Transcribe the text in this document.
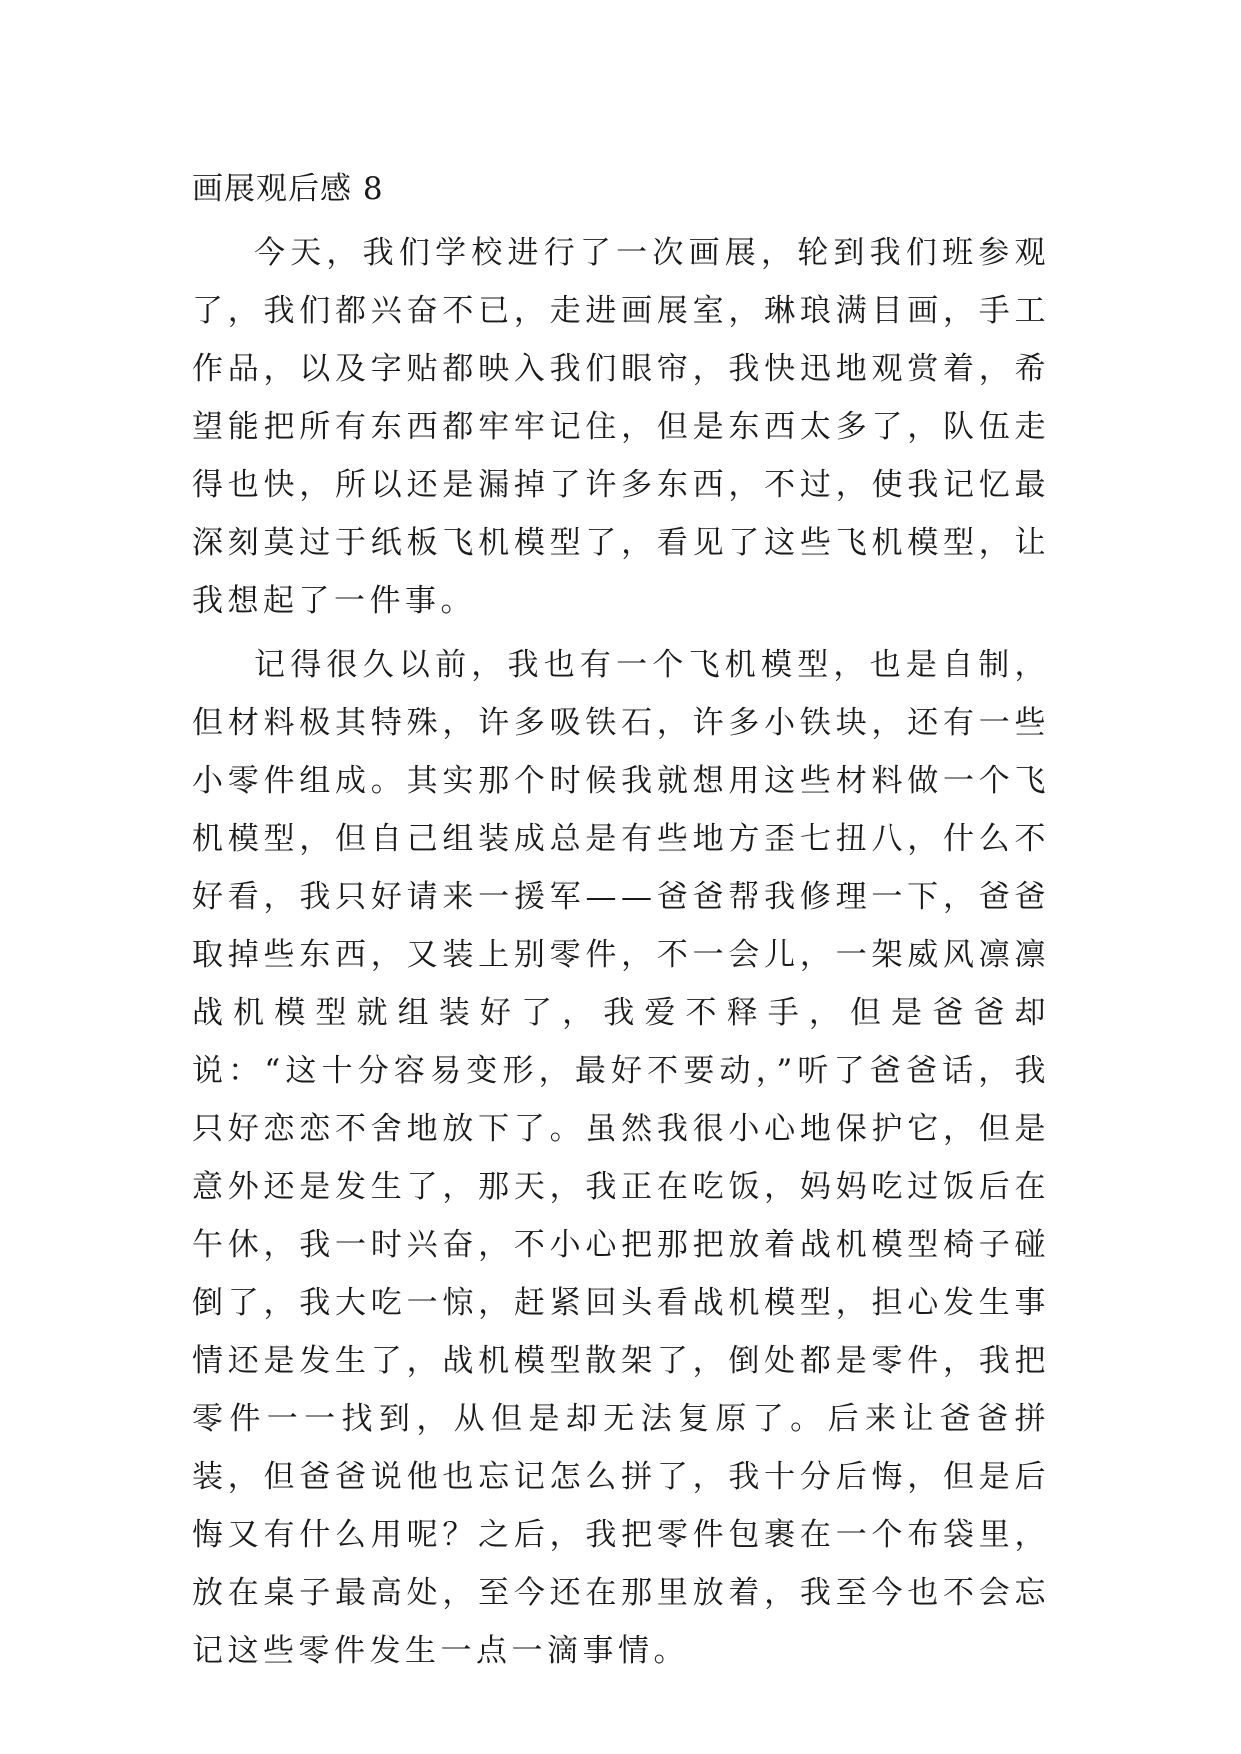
画展观后感 8

今天，我们学校进行了一次画展，轮到我们班参观了，我们都兴奋不已，走进画展室，琳琅满目画，手工作品，以及字贴都映入我们眼帘，我快迅地观赏着，希望能把所有东西都牢牢记住，但是东西太多了，队伍走得也快，所以还是漏掉了许多东西，不过，使我记忆最深刻莫过于纸板飞机模型了，看见了这些飞机模型，让我想起了一件事。

记得很久以前，我也有一个飞机模型，也是自制，但材料极其特殊，许多吸铁石，许多小铁块，还有一些小零件组成。其实那个时候我就想用这些材料做一个飞机模型，但自己组装成总是有些地方歪七扭八，什么不好看，我只好请来一援军——爸爸帮我修理一下，爸爸取掉些东西，又装上别零件，不一会儿，一架威风凛凛战机模型就组装好了，我爱不释手，但是爸爸却说：“这十分容易变形，最好不要动，”听了爸爸话，我只好恋恋不舍地放下了。虽然我很小心地保护它，但是意外还是发生了，那天，我正在吃饭，妈妈吃过饭后在午休，我一时兴奋，不小心把那把放着战机模型椅子碰倒了，我大吃一惊，赶紧回头看战机模型，担心发生事情还是发生了，战机模型散架了，倒处都是零件，我把零件一一找到，从但是却无法复原了。后来让爸爸拼装，但爸爸说他也忘记怎么拼了，我十分后悔，但是后悔又有什么用呢？之后，我把零件包裹在一个布袋里，放在桌子最高处，至今还在那里放着，我至今也不会忘记这些零件发生一点一滴事情。
